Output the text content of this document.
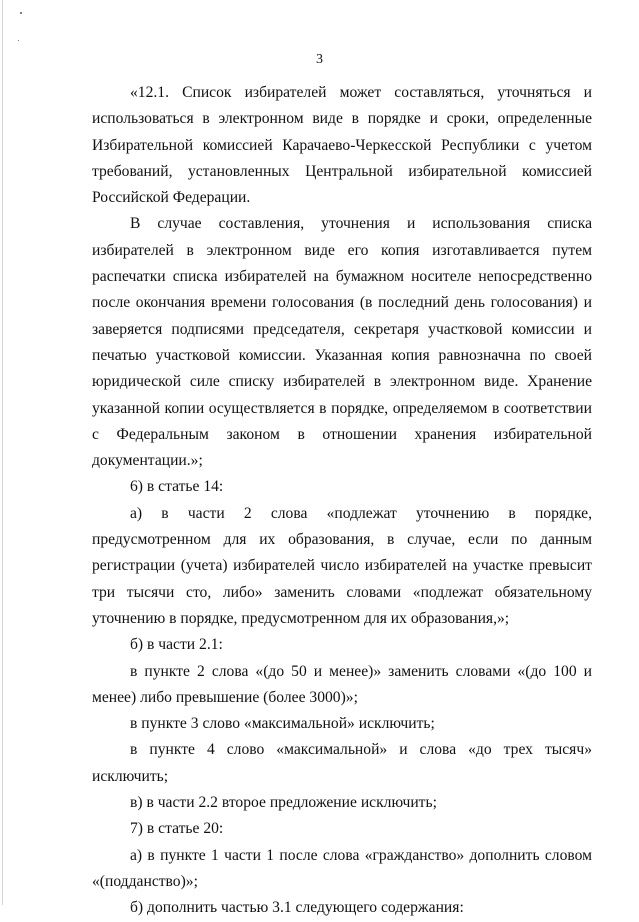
3

«12.1. Список избирателей может составляться, уточняться и использоваться в электронном виде в порядке и сроки, определенные Избирательной комиссией Карачаево-Черкесской Республики с учетом требований, установленных Центральной избирательной комиссией Российской Федерации.

В случае составления, уточнения и использования списка избирателей в электронном виде его копия изготавливается путем распечатки списка избирателей на бумажном носителе непосредственно после окончания времени голосования (в последний день голосования) и заверяется подписями председателя, секретаря участковой комиссии и печатью участковой комиссии. Указанная копия равнозначна по своей юридической силе списку избирателей в электронном виде. Хранение указанной копии осуществляется в порядке, определяемом в соответствии с Федеральным законом в отношении хранения избирательной документации.»;

6) в статье 14:

а) в части 2 слова «подлежат уточнению в порядке, предусмотренном для их образования, в случае, если по данным регистрации (учета) избирателей число избирателей на участке превысит три тысячи сто, либо» заменить словами «подлежат обязательному уточнению в порядке, предусмотренном для их образования,»;

б) в части 2.1:

в пункте 2 слова «(до 50 и менее)» заменить словами «(до 100 и менее) либо превышение (более 3000)»;

в пункте 3 слово «максимальной» исключить;

в пункте 4 слово «максимальной» и слова «до трех тысяч» исключить;

в) в части 2.2 второе предложение исключить;

7) в статье 20:

а) в пункте 1 части 1 после слова «гражданство» дополнить словом «(подданство)»;

б) дополнить частью 3.1 следующего содержания:
